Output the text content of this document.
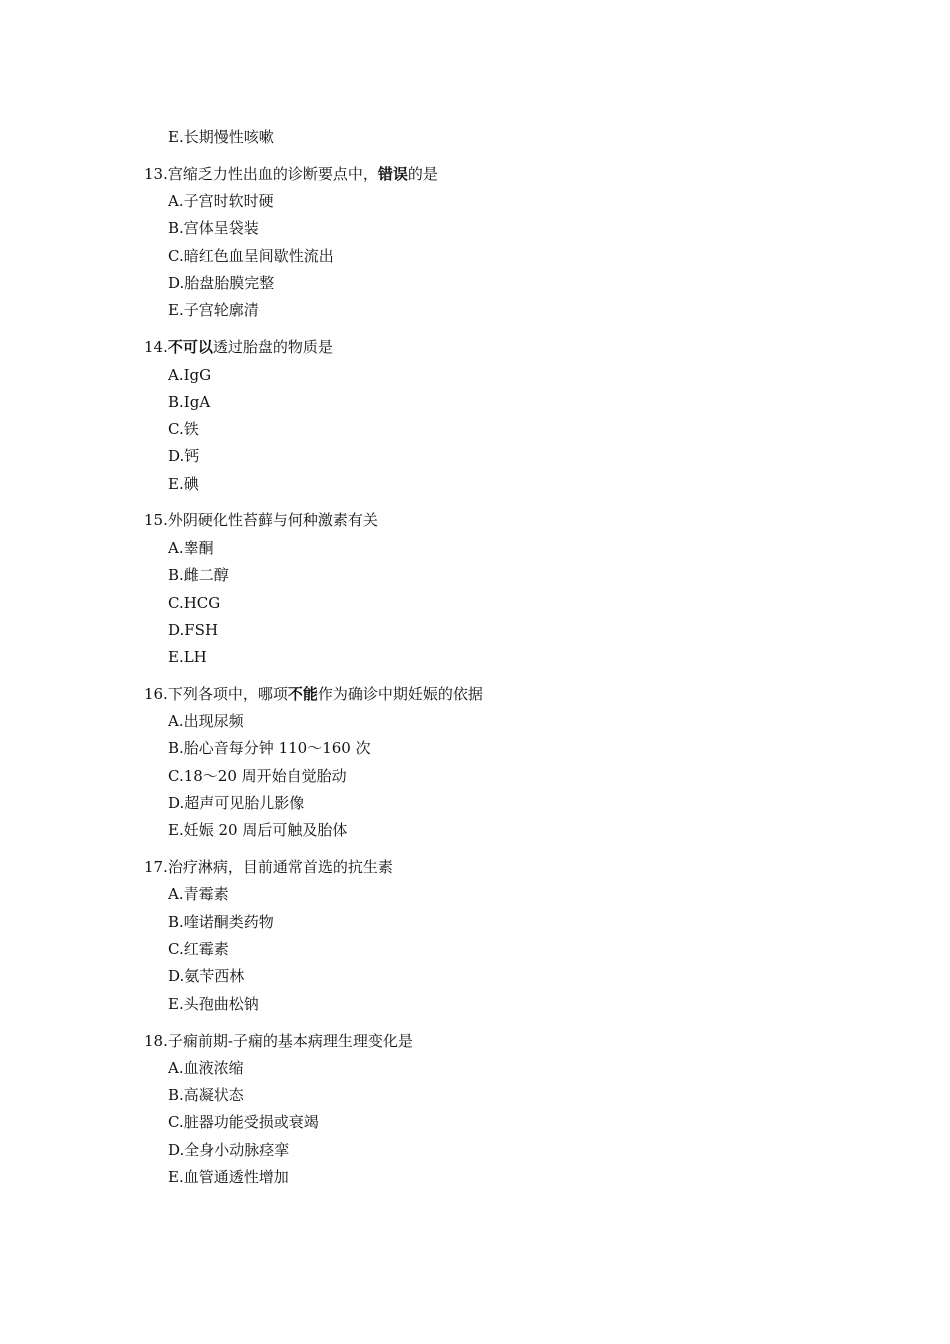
E.长期慢性咳嗽
13.宫缩乏力性出血的诊断要点中，错误的是
A.子宫时软时硬
B.宫体呈袋装
C.暗红色血呈间歇性流出
D.胎盘胎膜完整
E.子宫轮廓清
14.不可以透过胎盘的物质是
A.IgG
B.IgA
C.铁
D.钙
E.碘
15.外阴硬化性苔藓与何种激素有关
A.睾酮
B.雌二醇
C.HCG
D.FSH
E.LH
16.下列各项中，哪项不能作为确诊中期妊娠的依据
A.出现尿频
B.胎心音每分钟 110～160 次
C.18～20 周开始自觉胎动
D.超声可见胎儿影像
E.妊娠 20 周后可触及胎体
17.治疗淋病，目前通常首选的抗生素
A.青霉素
B.喹诺酮类药物
C.红霉素
D.氨苄西林
E.头孢曲松钠
18.子痫前期-子痫的基本病理生理变化是
A.血液浓缩
B.高凝状态
C.脏器功能受损或衰竭
D.全身小动脉痉挛
E.血管通透性增加
